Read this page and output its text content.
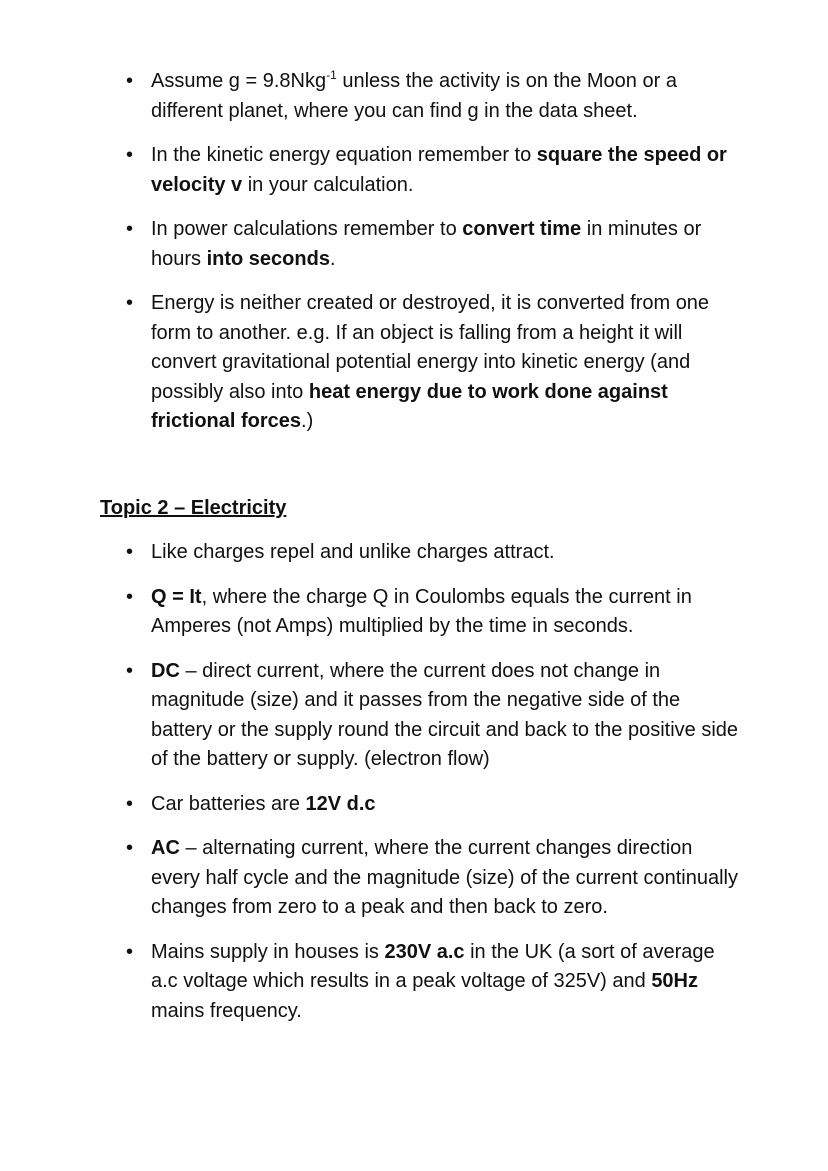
• Assume g = 9.8Nkg$^{-1}$ unless the activity is on the Moon or a different planet, where you can find g in the data sheet.
• In the kinetic energy equation remember to square the speed or velocity v in your calculation.
• In power calculations remember to convert time in minutes or hours into seconds.
• Energy is neither created or destroyed, it is converted from one form to another. e.g. If an object is falling from a height it will convert gravitational potential energy into kinetic energy (and possibly also into heat energy due to work done against frictional forces.)
Topic 2 – Electricity
• Like charges repel and unlike charges attract.
• Q = It, where the charge Q in Coulombs equals the current in Amperes (not Amps) multiplied by the time in seconds.
• DC – direct current, where the current does not change in magnitude (size) and it passes from the negative side of the battery or the supply round the circuit and back to the positive side of the battery or supply. (electron flow)
• Car batteries are 12V d.c
• AC – alternating current, where the current changes direction every half cycle and the magnitude (size) of the current continually changes from zero to a peak and then back to zero.
• Mains supply in houses is 230V a.c in the UK (a sort of average a.c voltage which results in a peak voltage of 325V) and 50Hz mains frequency.
